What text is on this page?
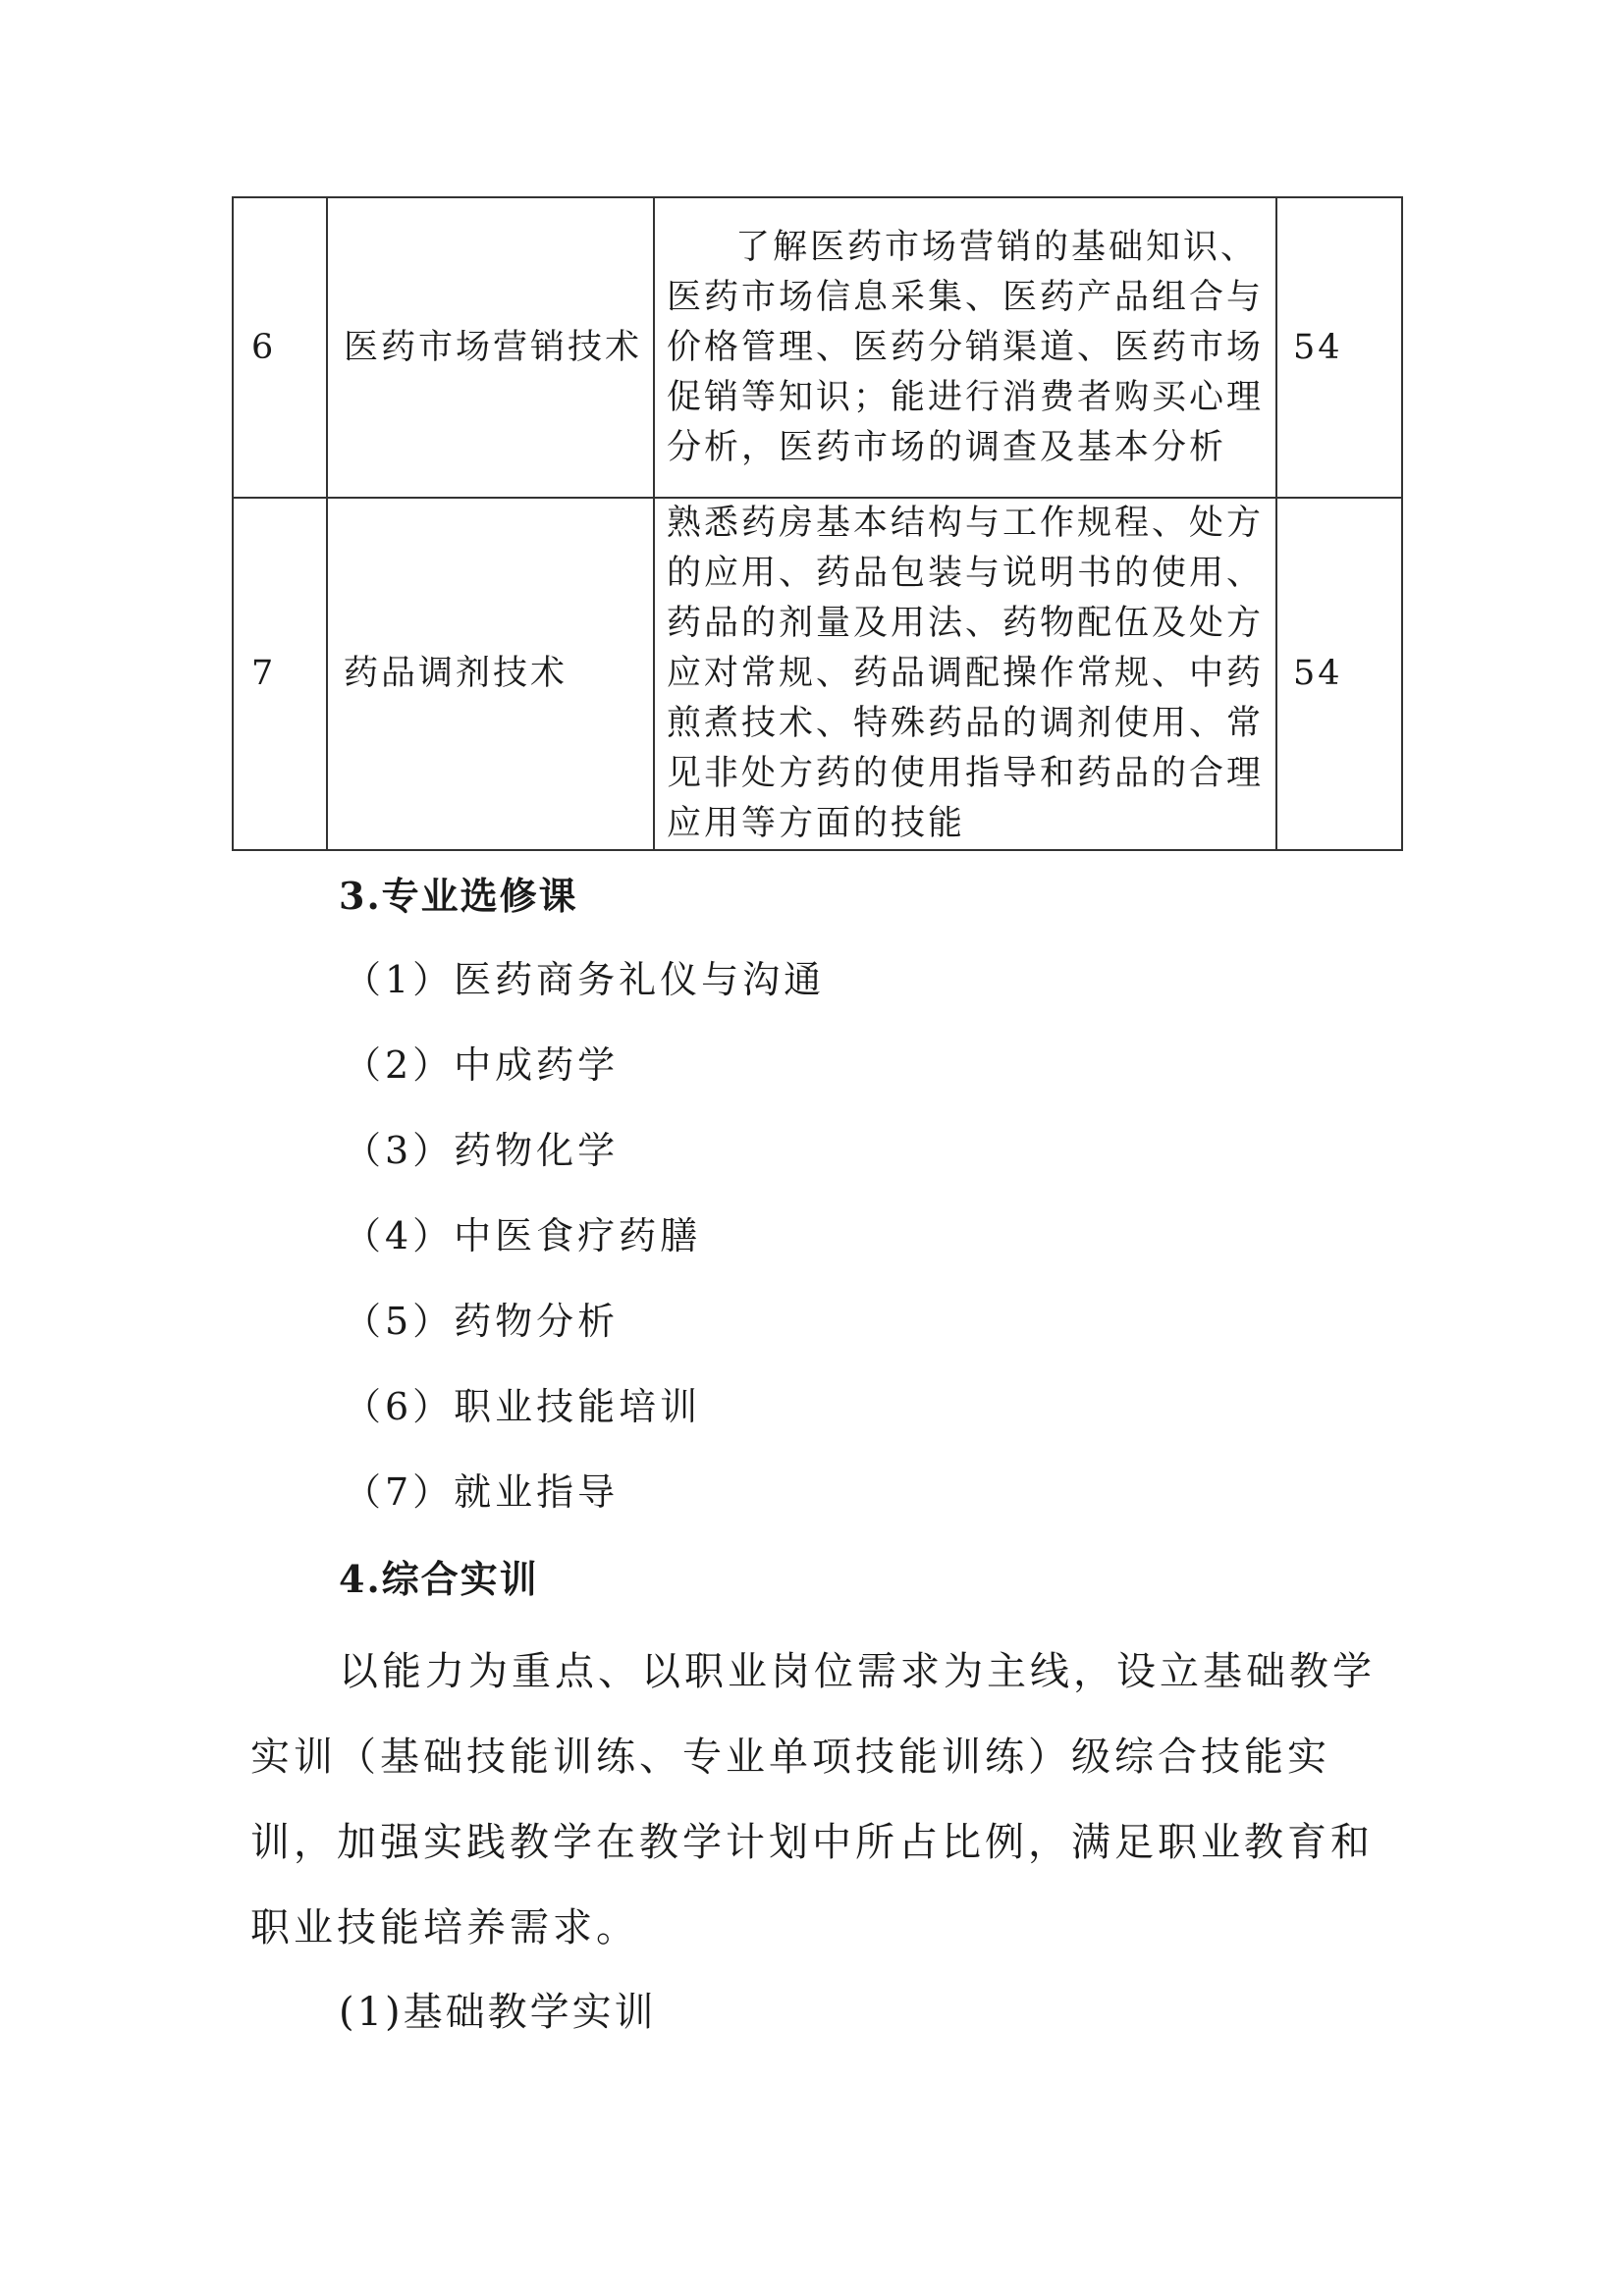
6	医药市场营销技术	了解医药市场营销的基础知识、医药市场信息采集、医药产品组合与价格管理、医药分销渠道、医药市场促销等知识；能进行消费者购买心理分析，医药市场的调查及基本分析	54
7	药品调剂技术	熟悉药房基本结构与工作规程、处方的应用、药品包装与说明书的使用、药品的剂量及用法、药物配伍及处方应对常规、药品调配操作常规、中药煎煮技术、特殊药品的调剂使用、常见非处方药的使用指导和药品的合理应用等方面的技能	54
3.专业选修课
（1）医药商务礼仪与沟通
（2）中成药学
（3）药物化学
（4）中医食疗药膳
（5）药物分析
（6）职业技能培训
（7）就业指导
4.综合实训
以能力为重点、以职业岗位需求为主线，设立基础教学实训（基础技能训练、专业单项技能训练）级综合技能实训，加强实践教学在教学计划中所占比例，满足职业教育和职业技能培养需求。
(1)基础教学实训
